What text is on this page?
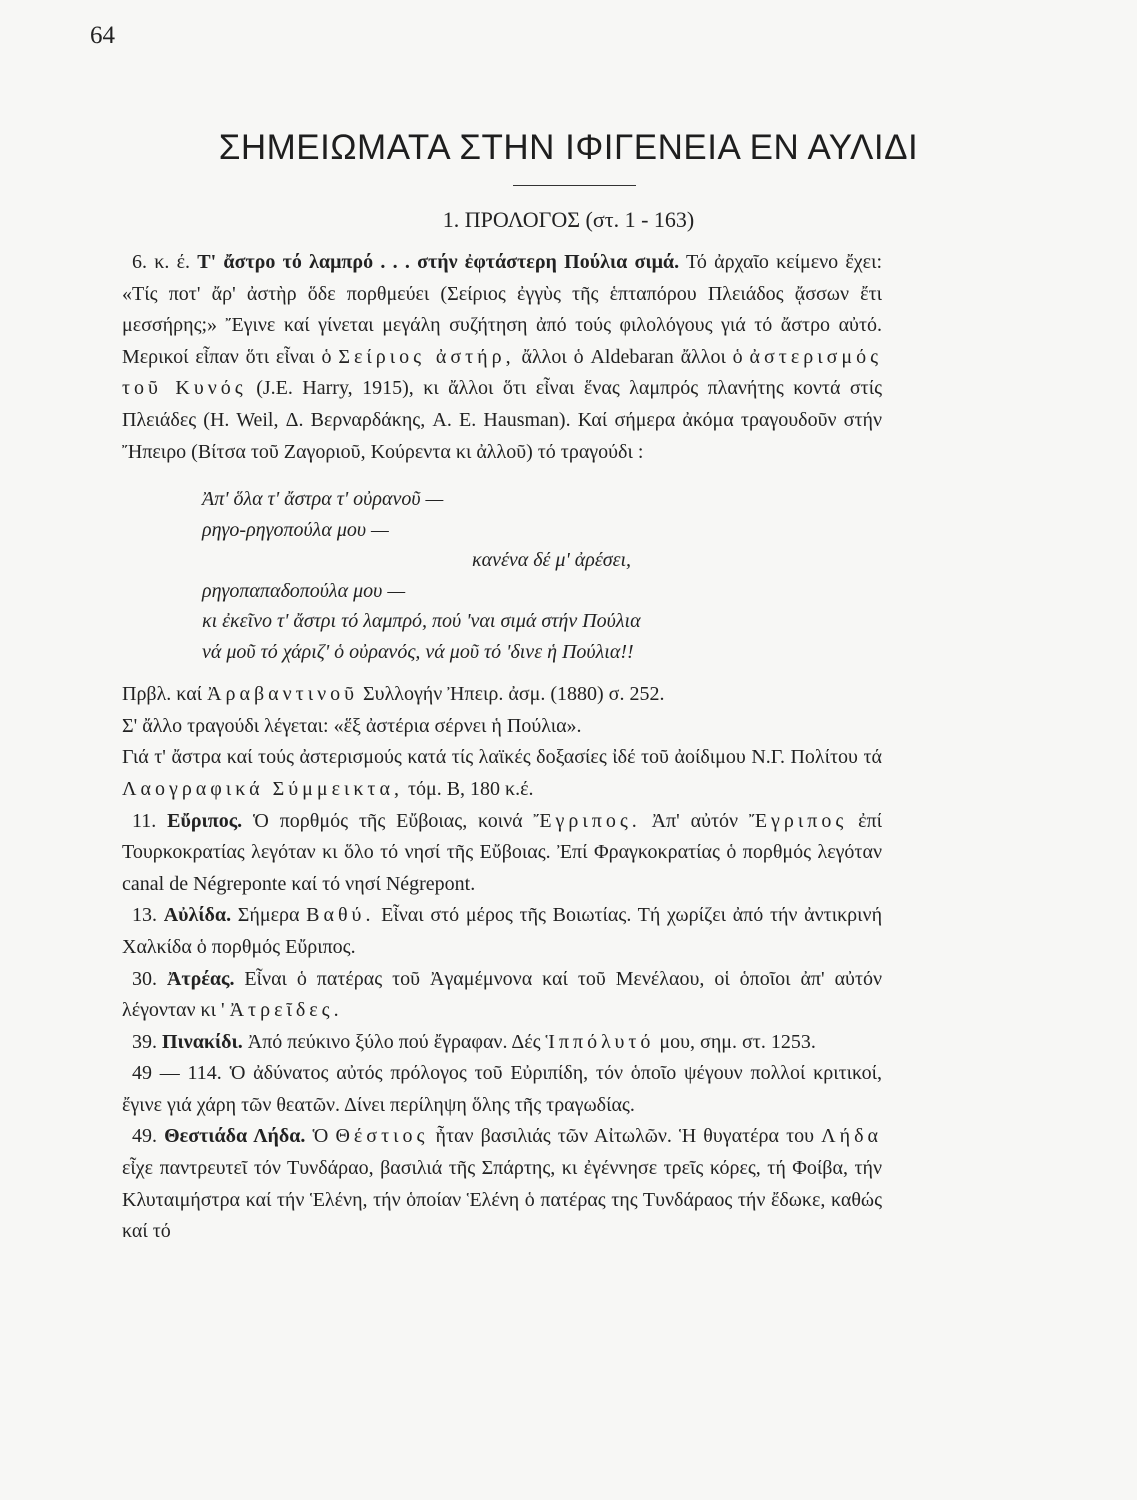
64
ΣΗΜΕΙΩΜΑΤΑ ΣΤΗΝ ΙΦΙΓΕΝΕΙΑ ΕΝ ΑΥΛΙΔΙ
1. ΠΡΟΛΟΓΟΣ (στ. 1 - 163)

6. κ. έ. Τ' ἄστρο τό λαμπρό . . . στήν ἐφτάστερη Πούλια σιμά. Τό ἀρχαῖο κείμενο ἔχει: «Τίς ποτ' ἄρ' ἀστὴρ ὅδε πορθμεύει (Σείριος ἐγγὺς τῆς ἑπταπόρου Πλειάδος ᾄσσων ἔτι μεσσήρης;» Ἔγινε καί γίνεται μεγάλη συζήτηση ἀπό τούς φιλολόγους γιά τό ἄστρο αὐτό. Μερικοί εἶπαν ὅτι εἶναι ὁ Σείριος ἀστήρ, ἄλλοι ὁ Aldebaran ἄλλοι ὁ ἀστερισμός τοῦ Κυνός (J.E. Harry, 1915), κι ἄλλοι ὅτι εἶναι ἕνας λαμπρός πλανήτης κοντά στίς Πλειάδες (H. Weil, Δ. Βερναρδάκης, A. E. Hausman). Καί σήμερα ἀκόμα τραγουδοῦν στήν Ἤπειρο (Βίτσα τοῦ Ζαγοριοῦ, Κούρεντα κι ἀλλοῦ) τό τραγούδι :

Ἀπ' ὅλα τ' ἄστρα τ' οὐρανοῦ —
ρηγο-ρηγοπούλα μου —
κανένα δέ μ' ἀρέσει,
ρηγοπαπαδοπούλα μου —
κι ἐκεῖνο τ' ἄστρι τό λαμπρό, πού 'ναι σιμά στήν Πούλια
νά μοῦ τό χάριζ' ὁ οὐρανός, νά μοῦ τό 'δινε ἡ Πούλια!!

Πρβλ. καί Ἀραβαντινοῦ Συλλογήν Ἠπειρ. ἀσμ. (1880) σ. 252.

Σ' ἄλλο τραγούδι λέγεται: «ἕξ ἀστέρια σέρνει ἡ Πούλια».

Γιά τ' ἄστρα καί τούς ἀστερισμούς κατά τίς λαϊκές δοξασίες ἰδέ τοῦ ἀοίδιμου Ν.Γ. Πολίτου τά Λαογραφικά Σύμμεικτα, τόμ. Β, 180 κ.έ.

11. Εὔριπος. Ὁ πορθμός τῆς Εὔβοιας, κοινά Ἔγριπος. Ἀπ' αὐτόν Ἔγριπος ἐπί Τουρκοκρατίας λεγόταν κι ὅλο τό νησί τῆς Εὔβοιας. Ἐπί Φραγκοκρατίας ὁ πορθμός λεγόταν canal de Négreponte καί τό νησί Négrepont.

13. Αὐλίδα. Σήμερα Βαθύ. Εἶναι στό μέρος τῆς Βοιωτίας. Τή χωρίζει ἀπό τήν ἀντικρινή Χαλκίδα ὁ πορθμός Εὔριπος.

30. Ἀτρέας. Εἶναι ὁ πατέρας τοῦ Ἀγαμέμνονα καί τοῦ Μενέλαου, οἱ ὁποῖοι ἀπ' αὐτόν λέγονταν κι ' Ἀτρεῖδες.

39. Πινακίδι. Ἀπό πεύκινο ξύλο πού ἔγραφαν. Δές Ἱππόλυτό μου, σημ. στ. 1253.

49 — 114. Ὁ ἀδύνατος αὐτός πρόλογος τοῦ Εὐριπίδη, τόν ὁποῖο ψέγουν πολλοί κριτικοί, ἔγινε γιά χάρη τῶν θεατῶν. Δίνει περίληψη ὅλης τῆς τραγωδίας.

49. Θεστιάδα Λήδα. Ὁ Θέστιος ἦταν βασιλιάς τῶν Αἰτωλῶν. Ἡ θυγατέρα του Λήδα εἶχε παντρευτεῖ τόν Τυνδάραο, βασιλιά τῆς Σπάρτης, κι ἐγέννησε τρεῖς κόρες, τή Φοίβα, τήν Κλυταιμήστρα καί τήν Ἑλένη, τήν ὁποίαν Ἑλένη ὁ πατέρας της Τυνδάραος τήν ἔδωκε, καθώς καί τό
